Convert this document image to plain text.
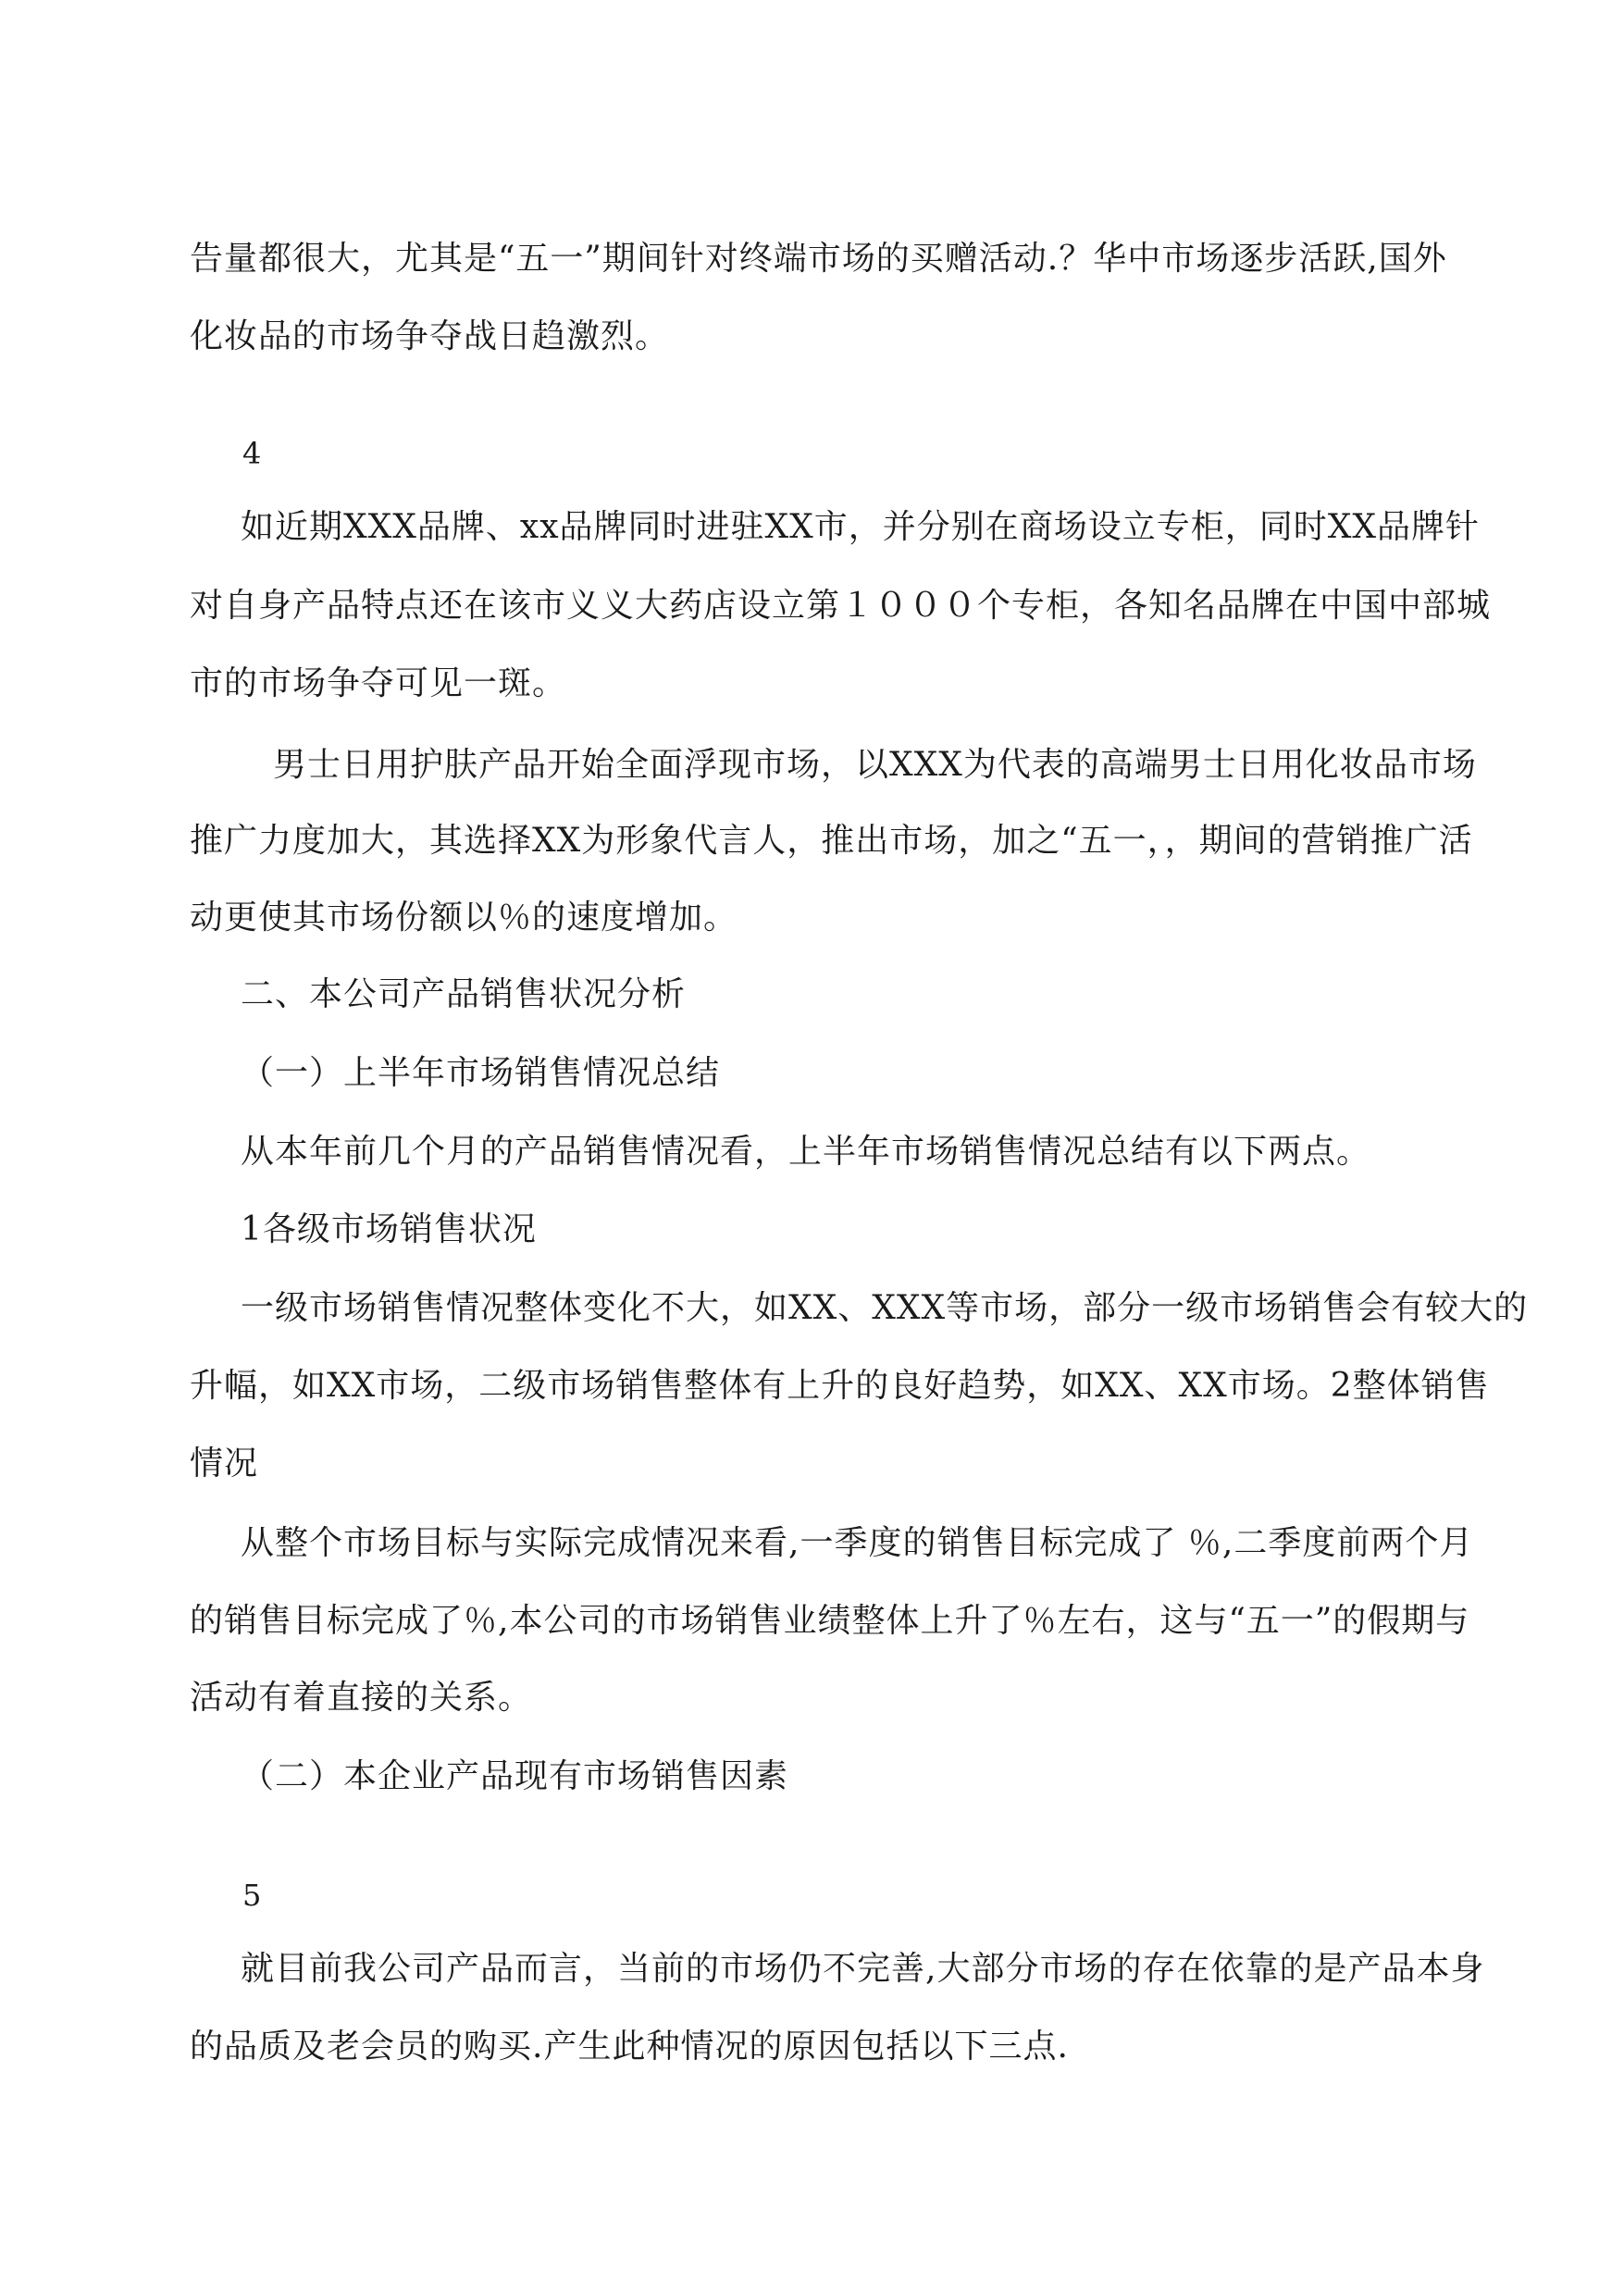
告量都很大，尤其是“五一”期间针对终端市场的买赠活动.？华中市场逐步活跃,国外
化妆品的市场争夺战日趋激烈。
4
如近期XXX品牌、xx品牌同时进驻XX市，并分别在商场设立专柜，同时XX品牌针
对自身产品特点还在该市义义大药店设立第１０００个专柜，各知名品牌在中国中部城
市的市场争夺可见一斑。
男士日用护肤产品开始全面浮现市场，以XXX为代表的高端男士日用化妆品市场
推广力度加大，其选择XX为形象代言人，推出市场，加之“五一，，期间的营销推广活
动更使其市场份额以％的速度增加。
二、本公司产品销售状况分析
（一）上半年市场销售情况总结
从本年前几个月的产品销售情况看，上半年市场销售情况总结有以下两点。
1各级市场销售状况
一级市场销售情况整体变化不大，如XX、XXX等市场，部分一级市场销售会有较大的
升幅，如XX市场，二级市场销售整体有上升的良好趋势，如XX、XX市场。2整体销售
情况
从整个市场目标与实际完成情况来看,一季度的销售目标完成了 ％,二季度前两个月
的销售目标完成了％,本公司的市场销售业绩整体上升了％左右，这与“五一”的假期与
活动有着直接的关系。
（二）本企业产品现有市场销售因素
5
就目前我公司产品而言，当前的市场仍不完善,大部分市场的存在依靠的是产品本身
的品质及老会员的购买.产生此种情况的原因包括以下三点.
